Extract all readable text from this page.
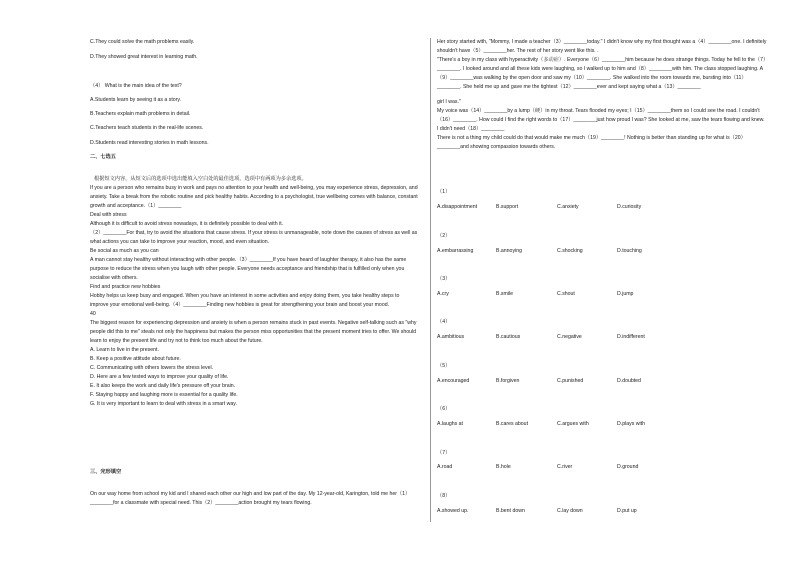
C.They could solve the math problems easily.
D.They showed great interest in learning math.
（4） What is the main idea of the text?
A.Students learn by seeing it as a story.
B.Teachers explain math problems in detail.
C.Teachers teach students in the real-life scenes.
D.Students read interesting stories in math lessons.
二、七选五
根据短文内容，从短文后的选项中选出能填入空白处的最佳选项，选项中有两项为多余选项。

If you are a person who remains busy in work and pays no attention to your health and well-being, you may experience stress, depression, and anxiety. Take a break from the robotic routine and pick healthy habits. According to a psychologist, true wellbeing comes with balance, constant growth and acceptance.（1）________

Deal with stress

Although it is difficult to avoid stress nowadays, it is definitely possible to deal with it.

（2）________For that, try to avoid the situations that cause stress. If your stress is unmanageable, note down the causes of stress as well as what actions you can take to improve your reaction, mood, and even situation.

Be social as much as you can

A man cannot stay healthy without interacting with other people.（3）________If you have heard of laughter therapy, it also has the same purpose to reduce the stress when you laugh with other people. Everyone needs acceptance and friendship that is fulfilled only when you socialise with others.

Find and practice new hobbies

Hobby helps us keep busy and engaged. When you have an interest in some activities and enjoy doing them, you take healthy steps to improve your emotional well-being.（4）________Finding new hobbies is great for strengthening your brain and boost your mood.

40

The biggest reason for experiencing depression and anxiety is when a person remains stuck in past events. Negative self-talking such as "why people did this to me" steals not only the happiness but makes the person miss opportunities that the present moment tries to offer. We should learn to enjoy the present life and try not to think too much about the future.

A. Learn to live in the present.

B. Keep a positive attitude about future.

C. Communicating with others lowers the stress level.

D. Here are a few tested ways to improve your quality of life.

E. It also keeps the work and daily life's pressure off your brain.

F. Staying happy and laughing more is essential for a quality life.

G. It is very important to learn to deal with stress in a smart way.

三、完形填空
On our way home from school my kid and I shared each other our high and low part of the day. My 12-year-old, Karington, told me her（1）________for a classmate with special need. This（2）________action brought my tears flowing.

Her story started with, "Mommy, I made a teacher（3）________today." I didn't know why my first thought was a（4）________one. I definitely shouldn't have（5）________her. The rest of her story went like this. .

"There's a boy in my class with hyperactivity（多动症）. Everyone（6）________him because he does strange things. Today he fell to the（7）________. I looked around and all these kids were laughing, so I walked up to him and（8）________with him. The class stopped laughing. A（9）________was walking by the open door and saw my（10）________. She walked into the room towards me, bursting into（11）________. She held me up and gave me the tightest（12）________ever and kept saying what a（13）________

girl I was."

My voice was（14）________by a lump（硬）in my throat. Tears flooded my eyes; I（15）________them so I could see the road. I couldn't（16）________. How could I find the right words to（17）________just how proud I was? She looked at me, saw the tears flowing and knew. I didn't need（18）________

There is not a thing my child could do that would make me much（19）________! Nothing is better than standing up for what is（20）________and showing compassion towards others.

（1）
A.disappointment	B.support	C.anxiety	D.curiosity
（2）
A.embarrassing	B.annoying	C.shocking	D.touching
（3）
A.cry	B.smile	C.shout	D.jump
（4）
A.ambitious	B.cautious	C.negative	D.indifferent
（5）
A.encouraged	B.forgiven	C.punished	D.doubted
（6）
A.laughs at	B.cares about	C.argues with	D.plays with
（7）
A.road	B.hole	C.river	D.ground
（8）
A.showed up.	B.bent down	C.lay down	D.put up
